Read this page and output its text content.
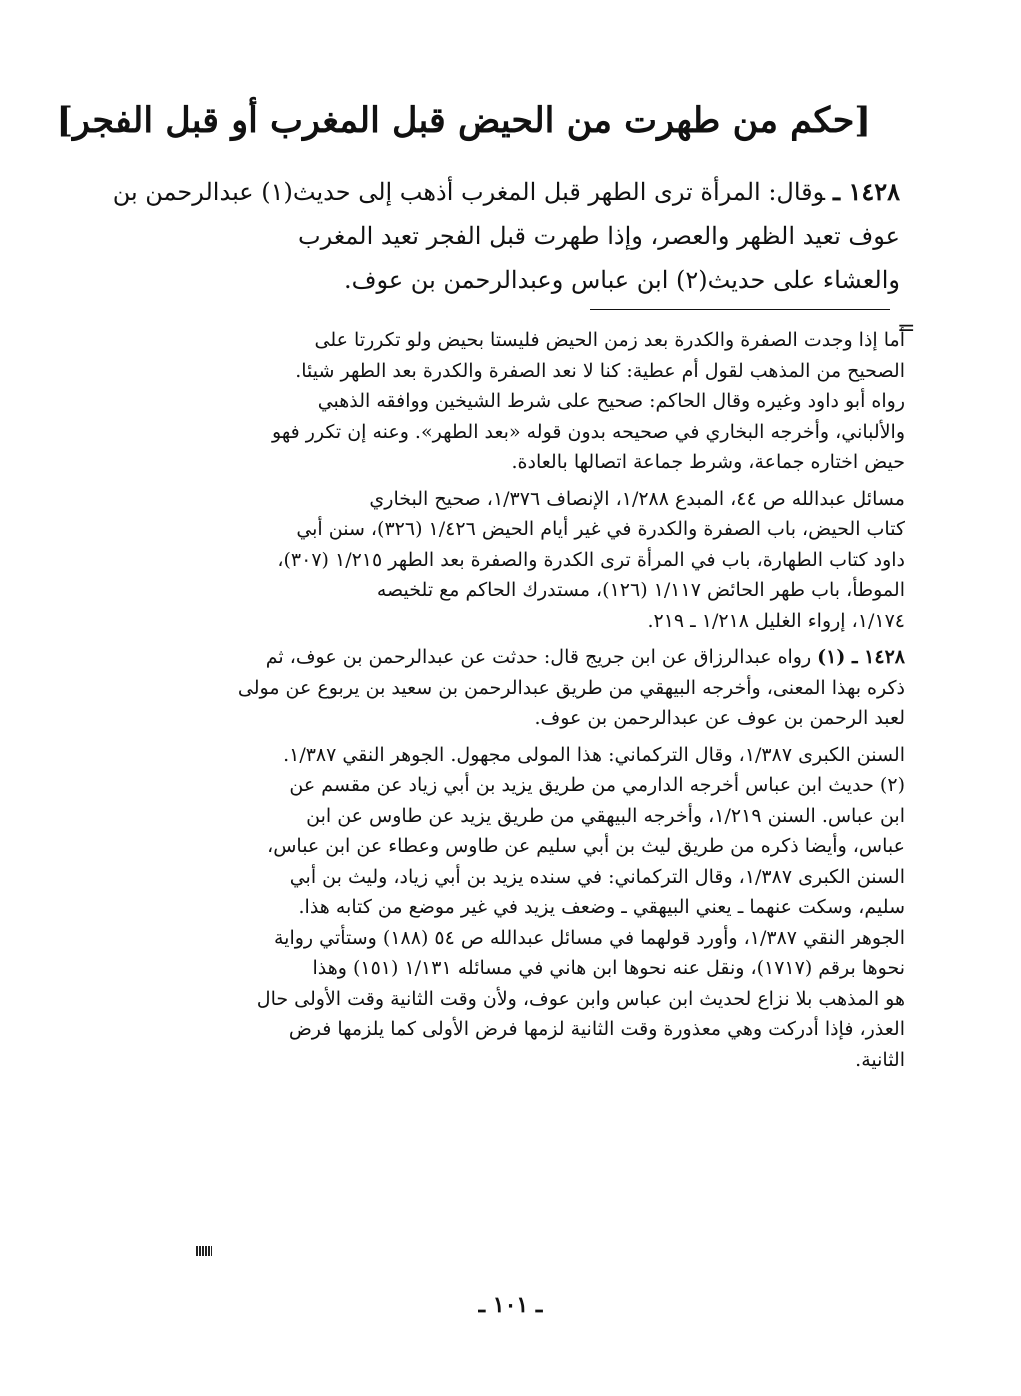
[حكم من طهرت من الحيض قبل المغرب أو قبل الفجر]
١٤٢٨ ـوقال: المرأة ترى الطهر قبل المغرب أذهب إلى حديث(١) عبدالرحمن بن
عوف تعيد الظهر والعصر، وإذا طهرت قبل الفجر تعيد المغرب
والعشاء على حديث(٢) ابن عباس وعبدالرحمن بن عوف.
=
أما إذا وجدت الصفرة والكدرة بعد زمن الحيض فليستا بحيض ولو تكررتا على
الصحيح من المذهب لقول أم عطية: كنا لا نعد الصفرة والكدرة بعد الطهر شيئا.
رواه أبو داود وغيره وقال الحاكم: صحيح على شرط الشيخين ووافقه الذهبي
والألباني، وأخرجه البخاري في صحيحه بدون قوله «بعد الطهر». وعنه إن تكرر فهو
حيض اختاره جماعة، وشرط جماعة اتصالها بالعادة.
مسائل عبدالله ص ٤٤، المبدع ١/٢٨٨، الإنصاف ١/٣٧٦، صحيح البخاري
كتاب الحيض، باب الصفرة والكدرة في غير أيام الحيض ١/٤٢٦ (٣٢٦)، سنن أبي
داود كتاب الطهارة، باب في المرأة ترى الكدرة والصفرة بعد الطهر ١/٢١٥ (٣٠٧)،
الموطأ، باب طهر الحائض ١/١١٧ (١٢٦)، مستدرك الحاكم مع تلخيصه
١/١٧٤، إرواء الغليل ١/٢١٨ ـ ٢١٩.
١٤٢٨ ـ (١)رواه عبدالرزاق عن ابن جريج قال: حدثت عن عبدالرحمن بن عوف، ثم
ذكره بهذا المعنى، وأخرجه البيهقي من طريق عبدالرحمن بن سعيد بن يربوع عن مولى
لعبد الرحمن بن عوف عن عبدالرحمن بن عوف.
السنن الكبرى ١/٣٨٧، وقال التركماني: هذا المولى مجهول. الجوهر النقي ١/٣٨٧.
(٢) حديث ابن عباس أخرجه الدارمي من طريق يزيد بن أبي زياد عن مقسم عن
ابن عباس. السنن ١/٢١٩، وأخرجه البيهقي من طريق يزيد عن طاوس عن ابن
عباس، وأيضا ذكره من طريق ليث بن أبي سليم عن طاوس وعطاء عن ابن عباس،
السنن الكبرى ١/٣٨٧، وقال التركماني: في سنده يزيد بن أبي زياد، وليث بن أبي
سليم، وسكت عنهما ـ يعني البيهقي ـ وضعف يزيد في غير موضع من كتابه هذا.
الجوهر النقي ١/٣٨٧، وأورد قولهما في مسائل عبدالله ص ٥٤ (١٨٨) وستأتي رواية
نحوها برقم (١٧١٧)، ونقل عنه نحوها ابن هاني في مسائله ١/١٣١ (١٥١) وهذا
هو المذهب بلا نزاع لحديث ابن عباس وابن عوف، ولأن وقت الثانية وقت الأولى حال
العذر، فإذا أدركت وهي معذورة وقت الثانية لزمها فرض الأولى كما يلزمها فرض
الثانية.
ـ ١٠١ ـ
